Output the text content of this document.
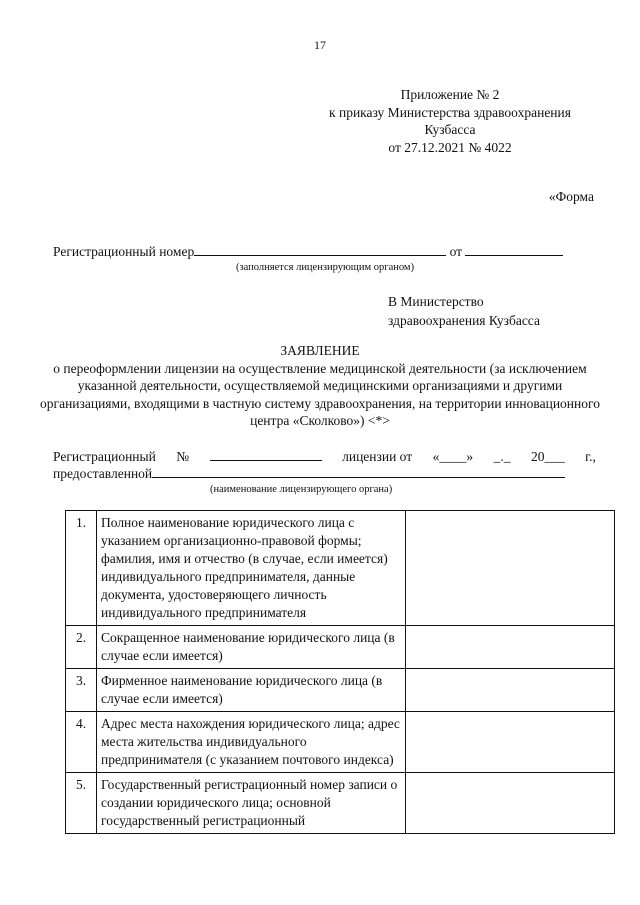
17
Приложение № 2
к приказу Министерства здравоохранения
Кузбасса
от 27.12.2021 № 4022
«Форма
Регистрационный номер	от
(заполняется лицензирующим органом)
В Министерство
здравоохранения Кузбасса
ЗАЯВЛЕНИЕ
о переоформлении лицензии на осуществление медицинской деятельности (за исключением указанной деятельности, осуществляемой медицинскими организациями и другими организациями, входящими в частную систему здравоохранения, на территории инновационного центра «Сколково») <*>
Регистрационный №	лицензии от «____» _._ 20___ г.,
предоставленной
(наименование лицензирующего органа)
1.	Полное наименование юридического лица с указанием организационно-правовой формы; фамилия, имя и отчество (в случае, если имеется) индивидуального предпринимателя, данные документа, удостоверяющего личность индивидуального предпринимателя	
2.	Сокращенное наименование юридического лица (в случае если имеется)	
3.	Фирменное наименование юридического лица (в случае если имеется)	
4.	Адрес места нахождения юридического лица; адрес места жительства индивидуального предпринимателя (с указанием почтового индекса)	
5.	Государственный регистрационный номер записи о создании юридического лица; основной государственный регистрационный	
